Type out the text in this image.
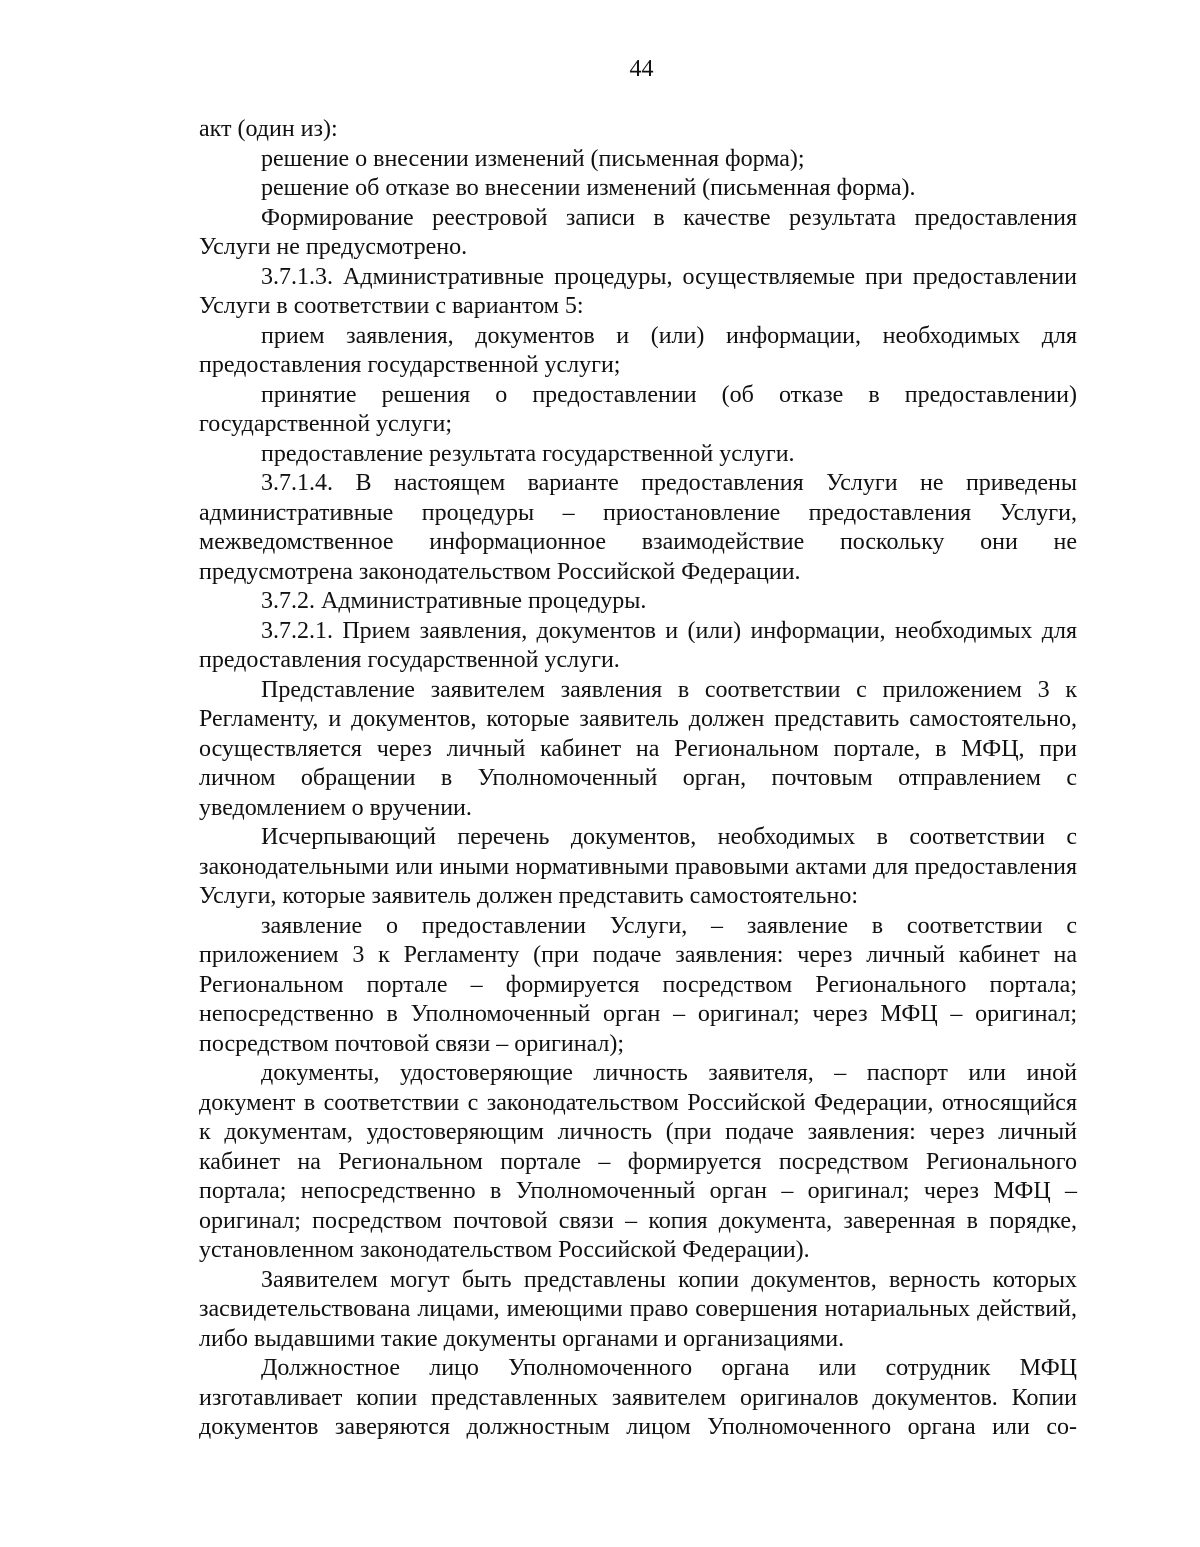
44

акт (один из):

решение о внесении изменений (письменная форма);

решение об отказе во внесении изменений (письменная форма).

Формирование реестровой записи в качестве результата предоставления Услуги не предусмотрено.

3.7.1.3. Административные процедуры, осуществляемые при предоставлении Услуги в соответствии с вариантом 5:

прием заявления, документов и (или) информации, необходимых для предоставления государственной услуги;

принятие решения о предоставлении (об отказе в предоставлении) государственной услуги;

предоставление результата государственной услуги.

3.7.1.4. В настоящем варианте предоставления Услуги не приведены административные процедуры – приостановление предоставления Услуги, межведомственное информационное взаимодействие поскольку они не предусмотрена законодательством Российской Федерации.

3.7.2. Административные процедуры.

3.7.2.1. Прием заявления, документов и (или) информации, необходимых для предоставления государственной услуги.

Представление заявителем заявления в соответствии с приложением 3 к Регламенту, и документов, которые заявитель должен представить самостоятельно, осуществляется через личный кабинет на Региональном портале, в МФЦ, при личном обращении в Уполномоченный орган, почтовым отправлением с уведомлением о вручении.

Исчерпывающий перечень документов, необходимых в соответствии с законодательными или иными нормативными правовыми актами для предоставления Услуги, которые заявитель должен представить самостоятельно:

заявление о предоставлении Услуги, – заявление в соответствии с приложением 3 к Регламенту (при подаче заявления: через личный кабинет на Региональном портале – формируется посредством Регионального портала; непосредственно в Уполномоченный орган – оригинал; через МФЦ – оригинал; посредством почтовой связи – оригинал);

документы, удостоверяющие личность заявителя, – паспорт или иной документ в соответствии с законодательством Российской Федерации, относящийся к документам, удостоверяющим личность (при подаче заявления: через личный кабинет на Региональном портале – формируется посредством Регионального портала; непосредственно в Уполномоченный орган – оригинал; через МФЦ – оригинал; посредством почтовой связи – копия документа, заверенная в порядке, установленном законодательством Российской Федерации).

Заявителем могут быть представлены копии документов, верность которых засвидетельствована лицами, имеющими право совершения нотариальных действий, либо выдавшими такие документы органами и организациями.

Должностное лицо Уполномоченного органа или сотрудник МФЦ изготавливает копии представленных заявителем оригиналов документов. Копии документов заверяются должностным лицом Уполномоченного органа или со-
